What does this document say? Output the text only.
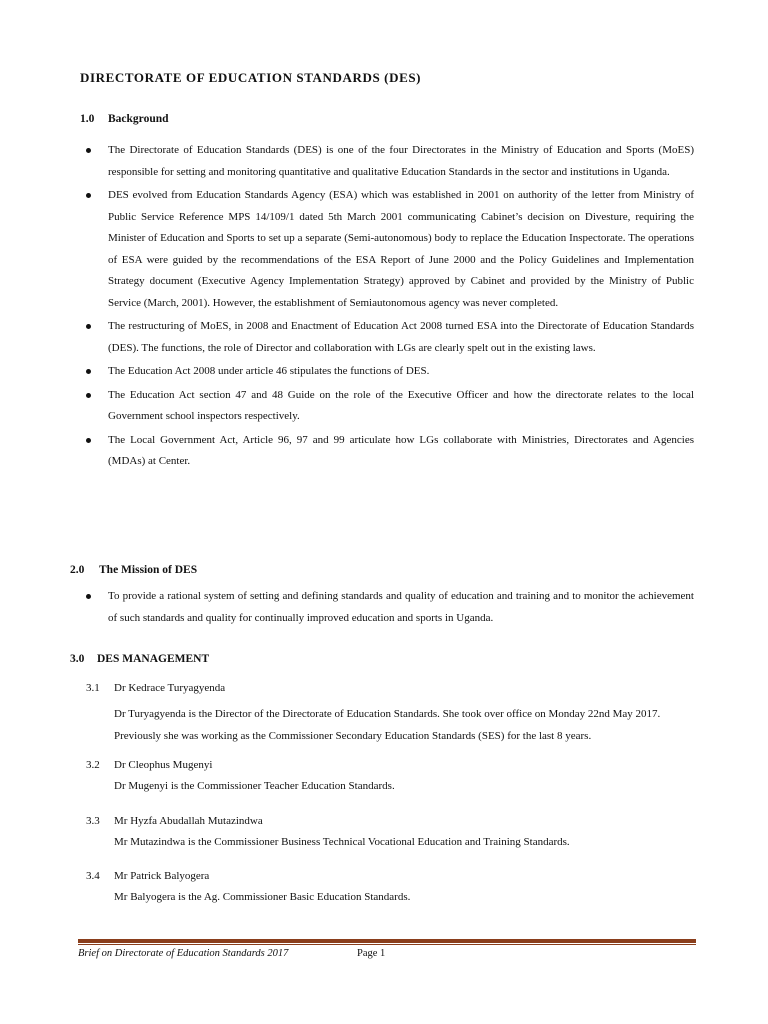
DIRECTORATE OF EDUCATION STANDARDS (DES)
1.0 Background
The Directorate of Education Standards (DES) is one of the four Directorates in the Ministry of Education and Sports (MoES) responsible for setting and monitoring quantitative and qualitative Education Standards in the sector and institutions in Uganda.
DES evolved from Education Standards Agency (ESA) which was established in 2001 on authority of the letter from Ministry of Public Service Reference MPS 14/109/1 dated 5th March 2001 communicating Cabinet’s decision on Divesture, requiring the Minister of Education and Sports to set up a separate (Semi-autonomous) body to replace the Education Inspectorate. The operations of ESA were guided by the recommendations of the ESA Report of June 2000 and the Policy Guidelines and Implementation Strategy document (Executive Agency Implementation Strategy) approved by Cabinet and provided by the Ministry of Public Service (March, 2001). However, the establishment of Semiautonomous agency was never completed.
The restructuring of MoES, in 2008 and Enactment of Education Act 2008 turned ESA into the Directorate of Education Standards (DES). The functions, the role of Director and collaboration with LGs are clearly spelt out in the existing laws.
The Education Act 2008 under article 46 stipulates the functions of DES.
The Education Act section 47 and 48 Guide on the role of the Executive Officer and how the directorate relates to the local Government school inspectors respectively.
The Local Government Act, Article 96, 97 and 99 articulate how LGs collaborate with Ministries, Directorates and Agencies (MDAs) at Center.
2.0 The Mission of DES
To provide a rational system of setting and defining standards and quality of education and training and to monitor the achievement of such standards and quality for continually improved education and sports in Uganda.
3.0 DES MANAGEMENT
3.1 Dr Kedrace Turyagyenda
Dr Turyagyenda is the Director of the Directorate of Education Standards. She took over office on Monday 22nd May 2017. Previously she was working as the Commissioner Secondary Education Standards (SES) for the last 8 years.
3.2 Dr Cleophus Mugenyi
Dr Mugenyi is the Commissioner Teacher Education Standards.
3.3 Mr Hyzfa Abudallah Mutazindwa
Mr Mutazindwa is the Commissioner Business Technical Vocational Education and Training Standards.
3.4 Mr Patrick Balyogera
Mr Balyogera is the Ag. Commissioner Basic Education Standards.
Brief on Directorate of Education Standards 2017	Page 1
